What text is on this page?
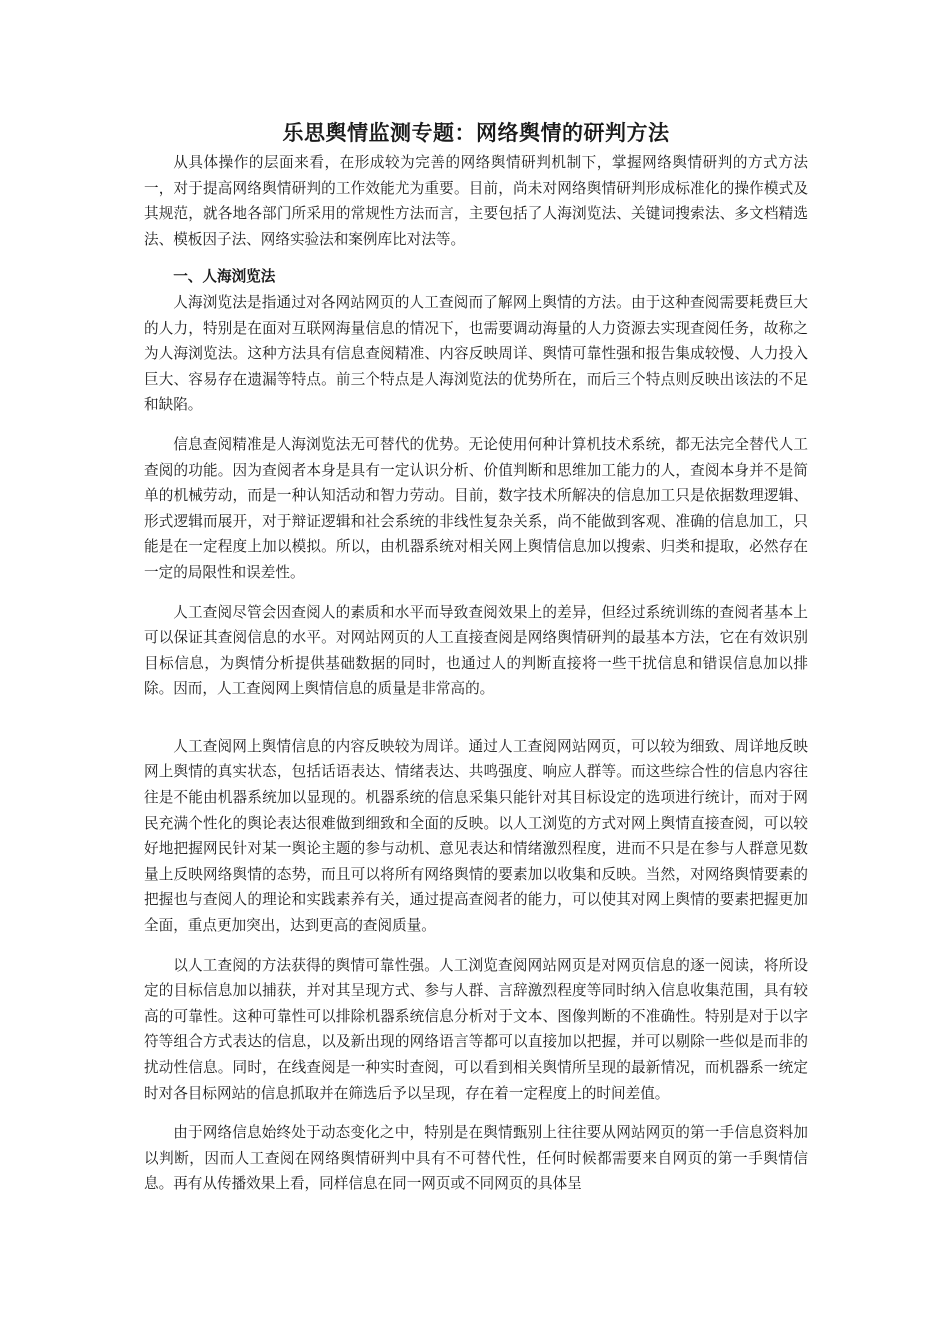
乐思舆情监测专题：网络舆情的研判方法

从具体操作的层面来看，在形成较为完善的网络舆情研判机制下，掌握网络舆情研判的方式方法一，对于提高网络舆情研判的工作效能尤为重要。目前，尚未对网络舆情研判形成标准化的操作模式及其规范，就各地各部门所采用的常规性方法而言，主要包括了人海浏览法、关键词搜索法、多文档精选法、模板因子法、网络实验法和案例库比对法等。

一、人海浏览法

人海浏览法是指通过对各网站网页的人工查阅而了解网上舆情的方法。由于这种查阅需要耗费巨大的人力，特别是在面对互联网海量信息的情况下，也需要调动海量的人力资源去实现查阅任务，故称之为人海浏览法。这种方法具有信息查阅精准、内容反映周详、舆情可靠性强和报告集成较慢、人力投入巨大、容易存在遗漏等特点。前三个特点是人海浏览法的优势所在，而后三个特点则反映出该法的不足和缺陷。

信息查阅精准是人海浏览法无可替代的优势。无论使用何种计算机技术系统，都无法完全替代人工查阅的功能。因为查阅者本身是具有一定认识分析、价值判断和思维加工能力的人，查阅本身并不是简单的机械劳动，而是一种认知活动和智力劳动。目前，数字技术所解决的信息加工只是依据数理逻辑、形式逻辑而展开，对于辩证逻辑和社会系统的非线性复杂关系，尚不能做到客观、准确的信息加工，只能是在一定程度上加以模拟。所以，由机器系统对相关网上舆情信息加以搜索、归类和提取，必然存在一定的局限性和误差性。

人工查阅尽管会因查阅人的素质和水平而导致查阅效果上的差异，但经过系统训练的查阅者基本上可以保证其查阅信息的水平。对网站网页的人工直接查阅是网络舆情研判的最基本方法，它在有效识别目标信息，为舆情分析提供基础数据的同时，也通过人的判断直接将一些干扰信息和错误信息加以排除。因而，人工查阅网上舆情信息的质量是非常高的。

人工查阅网上舆情信息的内容反映较为周详。通过人工查阅网站网页，可以较为细致、周详地反映网上舆情的真实状态，包括话语表达、情绪表达、共鸣强度、响应人群等。而这些综合性的信息内容往往是不能由机器系统加以显现的。机器系统的信息采集只能针对其目标设定的选项进行统计，而对于网民充满个性化的舆论表达很难做到细致和全面的反映。以人工浏览的方式对网上舆情直接查阅，可以较好地把握网民针对某一舆论主题的参与动机、意见表达和情绪激烈程度，进而不只是在参与人群意见数量上反映网络舆情的态势，而且可以将所有网络舆情的要素加以收集和反映。当然，对网络舆情要素的把握也与查阅人的理论和实践素养有关，通过提高查阅者的能力，可以使其对网上舆情的要素把握更加全面，重点更加突出，达到更高的查阅质量。

以人工查阅的方法获得的舆情可靠性强。人工浏览查阅网站网页是对网页信息的逐一阅读，将所设定的目标信息加以捕获，并对其呈现方式、参与人群、言辞激烈程度等同时纳入信息收集范围，具有较高的可靠性。这种可靠性可以排除机器系统信息分析对于文本、图像判断的不准确性。特别是对于以字符等组合方式表达的信息，以及新出现的网络语言等都可以直接加以把握，并可以剔除一些似是而非的扰动性信息。同时，在线查阅是一种实时查阅，可以看到相关舆情所呈现的最新情况，而机器系一统定时对各目标网站的信息抓取并在筛选后予以呈现，存在着一定程度上的时间差值。

由于网络信息始终处于动态变化之中，特别是在舆情甄别上往往要从网站网页的第一手信息资料加以判断，因而人工查阅在网络舆情研判中具有不可替代性，任何时候都需要来自网页的第一手舆情信息。再有从传播效果上看，同样信息在同一网页或不同网页的具体呈
